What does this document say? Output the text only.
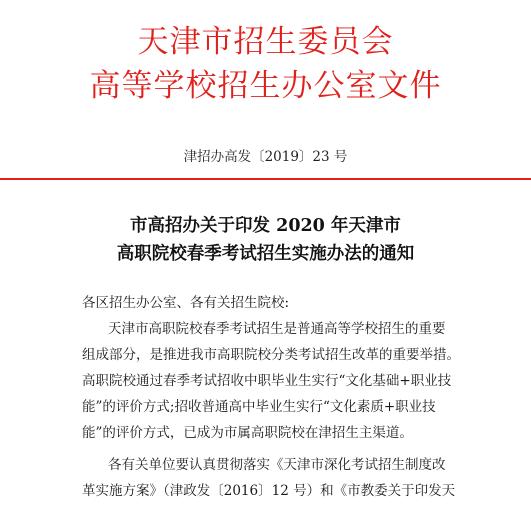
天津市招生委员会
高等学校招生办公室文件
津招办高发〔2019〕23 号
市高招办关于印发 2020 年天津市
高职院校春季考试招生实施办法的通知
各区招生办公室、各有关招生院校:
天津市高职院校春季考试招生是普通高等学校招生的重要
组成部分，是推进我市高职院校分类考试招生改革的重要举措。
高职院校通过春季考试招收中职毕业生实行“文化基础+职业技
能”的评价方式;招收普通高中毕业生实行“文化素质+职业技
能”的评价方式，已成为市属高职院校在津招生主渠道。
各有关单位要认真贯彻落实《天津市深化考试招生制度改
革实施方案》（津政发〔2016〕12 号）和《市教委关于印发天
